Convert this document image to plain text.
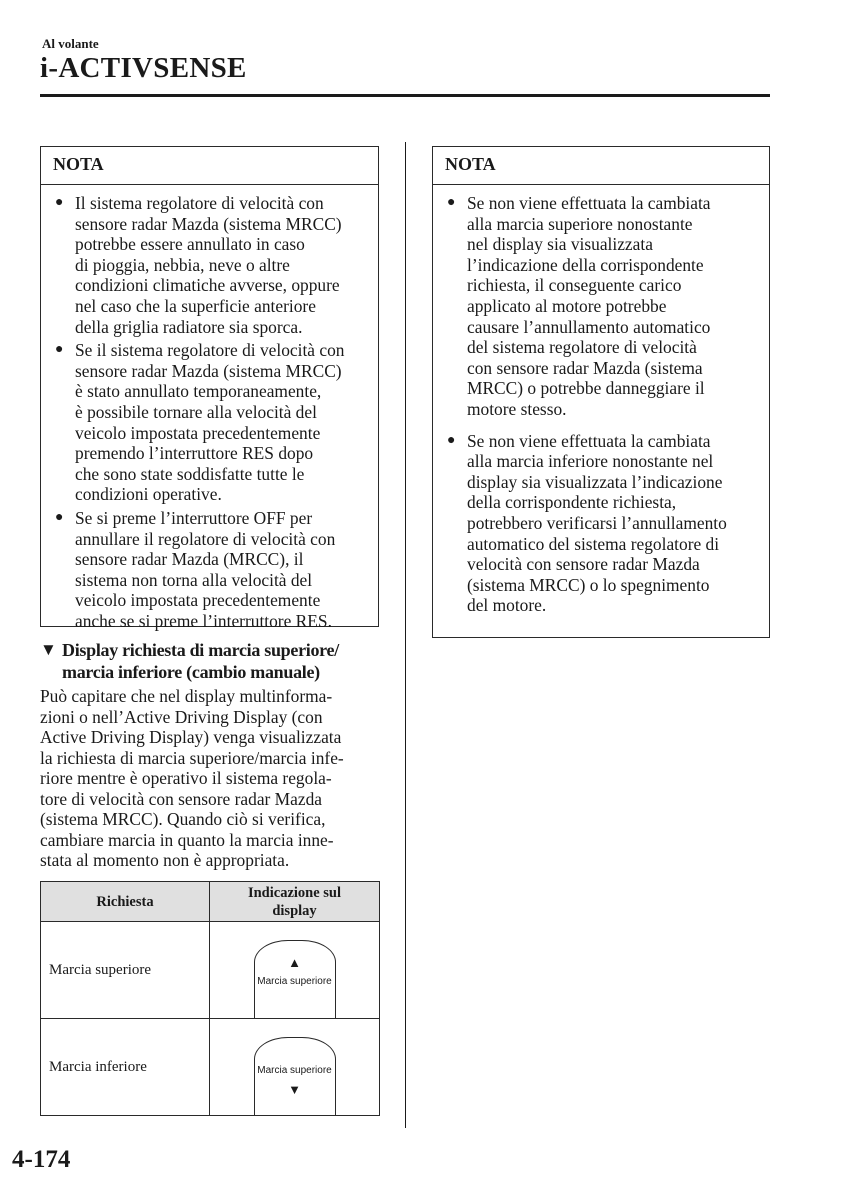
Al volante
i-ACTIVSENSE
NOTA
● Il sistema regolatore di velocità con
sensore radar Mazda (sistema MRCC)
potrebbe essere annullato in caso
di pioggia, nebbia, neve o altre
condizioni climatiche avverse, oppure
nel caso che la superficie anteriore
della griglia radiatore sia sporca.
● Se il sistema regolatore di velocità con
sensore radar Mazda (sistema MRCC)
è stato annullato temporaneamente,
è possibile tornare alla velocità del
veicolo impostata precedentemente
premendo l’interruttore RES dopo
che sono state soddisfatte tutte le
condizioni operative.
● Se si preme l’interruttore OFF per
annullare il regolatore di velocità con
sensore radar Mazda (MRCC), il
sistema non torna alla velocità del
veicolo impostata precedentemente
anche se si preme l’interruttore RES.
▼ Display richiesta di marcia superiore/
marcia inferiore (cambio manuale)
Può capitare che nel display multinforma-
zioni o nell’Active Driving Display (con
Active Driving Display) venga visualizzata
la richiesta di marcia superiore/marcia infe-
riore mentre è operativo il sistema regola-
tore di velocità con sensore radar Mazda
(sistema MRCC). Quando ciò si verifica,
cambiare marcia in quanto la marcia inne-
stata al momento non è appropriata.
Richiesta	Indicazione sul
display
Marcia superiore	▲
Marcia superiore

Marcia inferiore	Marcia superiore
▼
NOTA
● Se non viene effettuata la cambiata
alla marcia superiore nonostante
nel display sia visualizzata
l’indicazione della corrispondente
richiesta, il conseguente carico
applicato al motore potrebbe
causare l’annullamento automatico
del sistema regolatore di velocità
con sensore radar Mazda (sistema
MRCC) o potrebbe danneggiare il
motore stesso.
● Se non viene effettuata la cambiata
alla marcia inferiore nonostante nel
display sia visualizzata l’indicazione
della corrispondente richiesta,
potrebbero verificarsi l’annullamento
automatico del sistema regolatore di
velocità con sensore radar Mazda
(sistema MRCC) o lo spegnimento
del motore.
4-174
